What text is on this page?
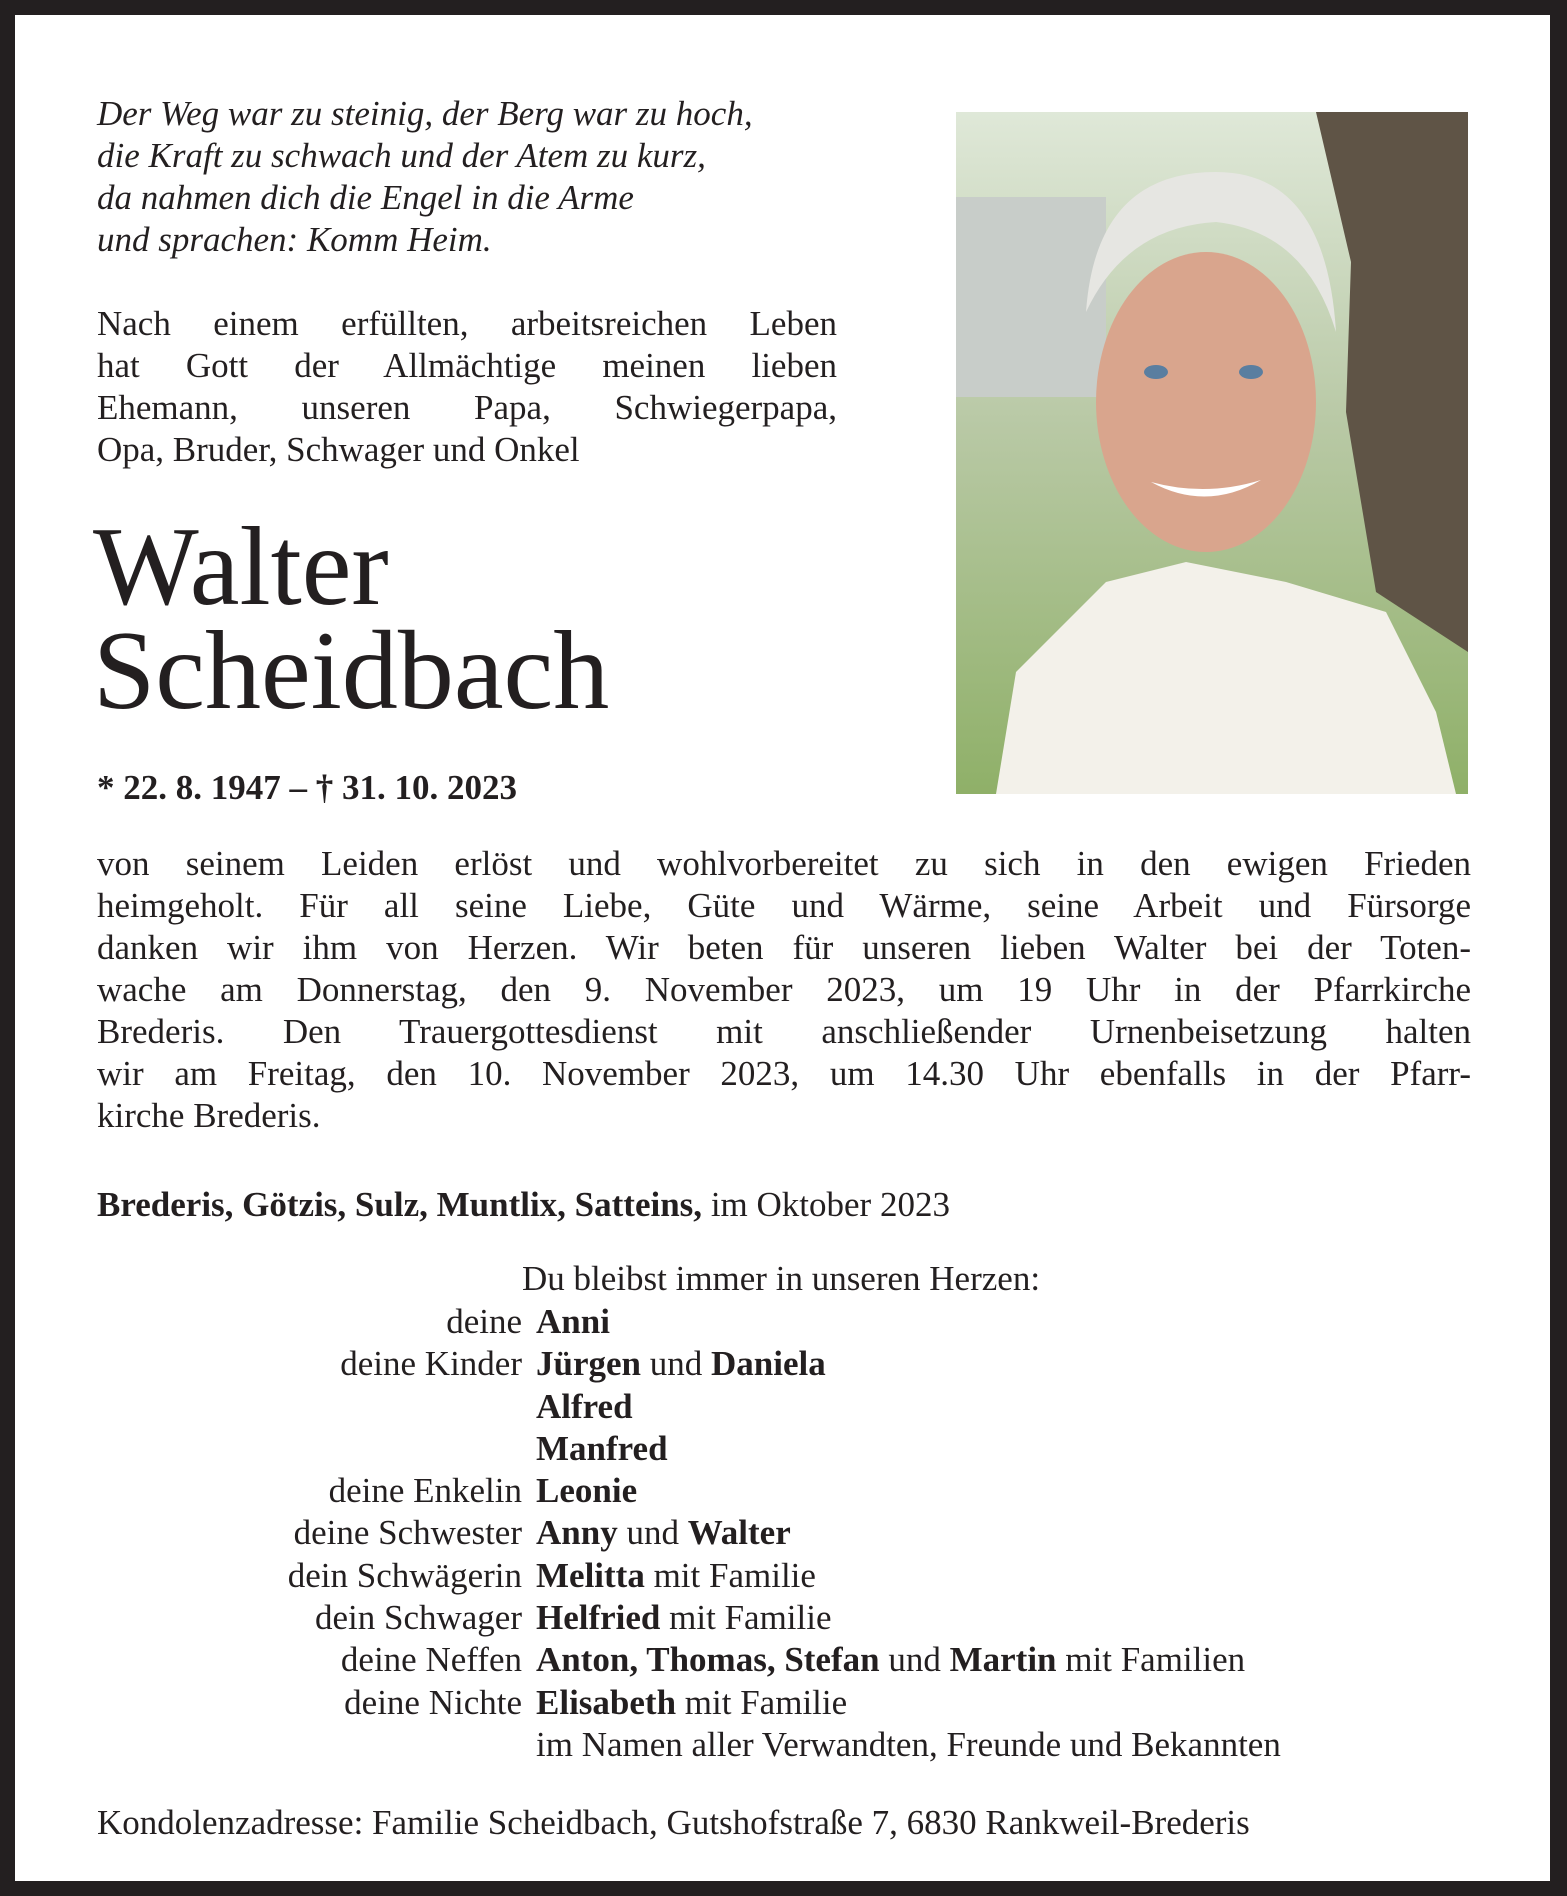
Der Weg war zu steinig, der Berg war zu hoch,
die Kraft zu schwach und der Atem zu kurz,
da nahmen dich die Engel in die Arme
und sprachen: Komm Heim.
Nach einem erfüllten, arbeitsreichen Leben
hat Gott der Allmächtige meinen lieben
Ehemann, unseren Papa, Schwiegerpapa,
Opa, Bruder, Schwager und Onkel
Walter
Scheidbach
* 22. 8. 1947 – † 31. 10. 2023
von seinem Leiden erlöst und wohlvorbereitet zu sich in den ewigen Frieden
heimgeholt. Für all seine Liebe, Güte und Wärme, seine Arbeit und Fürsorge
danken wir ihm von Herzen. Wir beten für unseren lieben Walter bei der Toten-
wache am Donnerstag, den 9. November 2023, um 19 Uhr in der Pfarrkirche
Brederis. Den Trauergottesdienst mit anschließender Urnenbeisetzung halten
wir am Freitag, den 10. November 2023, um 14.30 Uhr ebenfalls in der Pfarr-
kirche Brederis.
Brederis, Götzis, Sulz, Muntlix, Satteins, im Oktober 2023
Du bleibst immer in unseren Herzen:
deine Anni
deine Kinder Jürgen und Daniela
Alfred
Manfred
deine Enkelin Leonie
deine Schwester Anny und Walter
dein Schwägerin Melitta mit Familie
dein Schwager Helfried mit Familie
deine Neffen Anton, Thomas, Stefan und Martin mit Familien
deine Nichte Elisabeth mit Familie
im Namen aller Verwandten, Freunde und Bekannten
Kondolenzadresse: Familie Scheidbach, Gutshofstraße 7, 6830 Rankweil-Brederis
